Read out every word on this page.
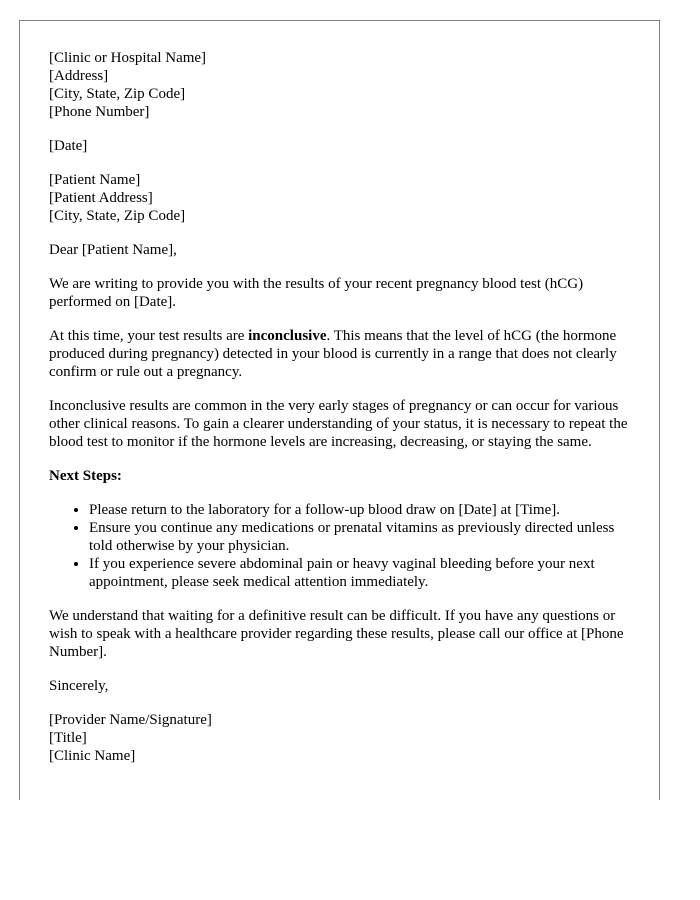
[Clinic or Hospital Name]
[Address]
[City, State, Zip Code]
[Phone Number]
[Date]
[Patient Name]
[Patient Address]
[City, State, Zip Code]

Dear [Patient Name],

We are writing to provide you with the results of your recent pregnancy blood test (hCG) performed on [Date].

At this time, your test results are inconclusive. This means that the level of hCG (the hormone produced during pregnancy) detected in your blood is currently in a range that does not clearly confirm or rule out a pregnancy.

Inconclusive results are common in the very early stages of pregnancy or can occur for various other clinical reasons. To gain a clearer understanding of your status, it is necessary to repeat the blood test to monitor if the hormone levels are increasing, decreasing, or staying the same.

Next Steps:

• Please return to the laboratory for a follow-up blood draw on [Date] at [Time].
• Ensure you continue any medications or prenatal vitamins as previously directed unless told otherwise by your physician.
• If you experience severe abdominal pain or heavy vaginal bleeding before your next appointment, please seek medical attention immediately.

We understand that waiting for a definitive result can be difficult. If you have any questions or wish to speak with a healthcare provider regarding these results, please call our office at [Phone Number].

Sincerely,

[Provider Name/Signature]
[Title]
[Clinic Name]
